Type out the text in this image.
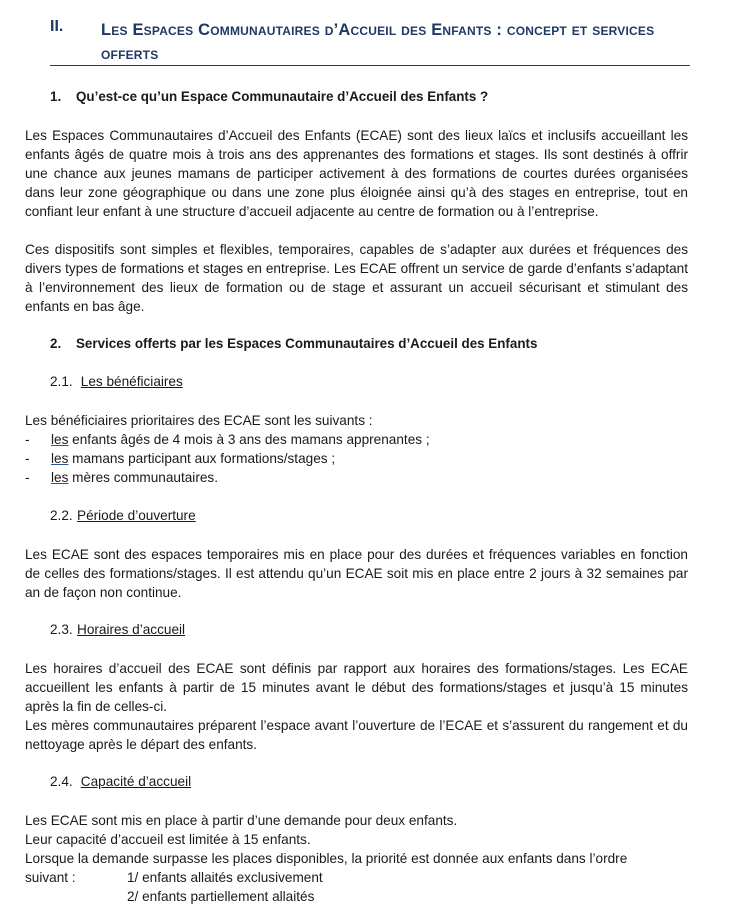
II. Les Espaces Communautaires d’Accueil des Enfants : concept et services offerts
1. Qu’est-ce qu’un Espace Communautaire d’Accueil des Enfants ?
Les Espaces Communautaires d’Accueil des Enfants (ECAE) sont des lieux laïcs et inclusifs accueillant les enfants âgés de quatre mois à trois ans des apprenantes des formations et stages. Ils sont destinés à offrir une chance aux jeunes mamans de participer activement à des formations de courtes durées organisées dans leur zone géographique ou dans une zone plus éloignée ainsi qu’à des stages en entreprise, tout en confiant leur enfant à une structure d’accueil adjacente au centre de formation ou à l’entreprise.
Ces dispositifs sont simples et flexibles, temporaires, capables de s’adapter aux durées et fréquences des divers types de formations et stages en entreprise. Les ECAE offrent un service de garde d’enfants s’adaptant à l’environnement des lieux de formation ou de stage et assurant un accueil sécurisant et stimulant des enfants en bas âge.
2. Services offerts par les Espaces Communautaires d’Accueil des Enfants
2.1. Les bénéficiaires
Les bénéficiaires prioritaires des ECAE sont les suivants :
- les enfants âgés de 4 mois à 3 ans des mamans apprenantes ;
- les mamans participant aux formations/stages ;
- les mères communautaires.
2.2. Période d’ouverture
Les ECAE sont des espaces temporaires mis en place pour des durées et fréquences variables en fonction de celles des formations/stages. Il est attendu qu’un ECAE soit mis en place entre 2 jours à 32 semaines par an de façon non continue.
2.3. Horaires d’accueil
Les horaires d’accueil des ECAE sont définis par rapport aux horaires des formations/stages. Les ECAE accueillent les enfants à partir de 15 minutes avant le début des formations/stages et jusqu’à 15 minutes après la fin de celles-ci.
Les mères communautaires préparent l’espace avant l’ouverture de l’ECAE et s’assurent du rangement et du nettoyage après le départ des enfants.
2.4. Capacité d’accueil
Les ECAE sont mis en place à partir d’une demande pour deux enfants.
Leur capacité d’accueil est limitée à 15 enfants.
Lorsque la demande surpasse les places disponibles, la priorité est donnée aux enfants dans l’ordre
suivant :	1/ enfants allaités exclusivement
2/ enfants partiellement allaités
